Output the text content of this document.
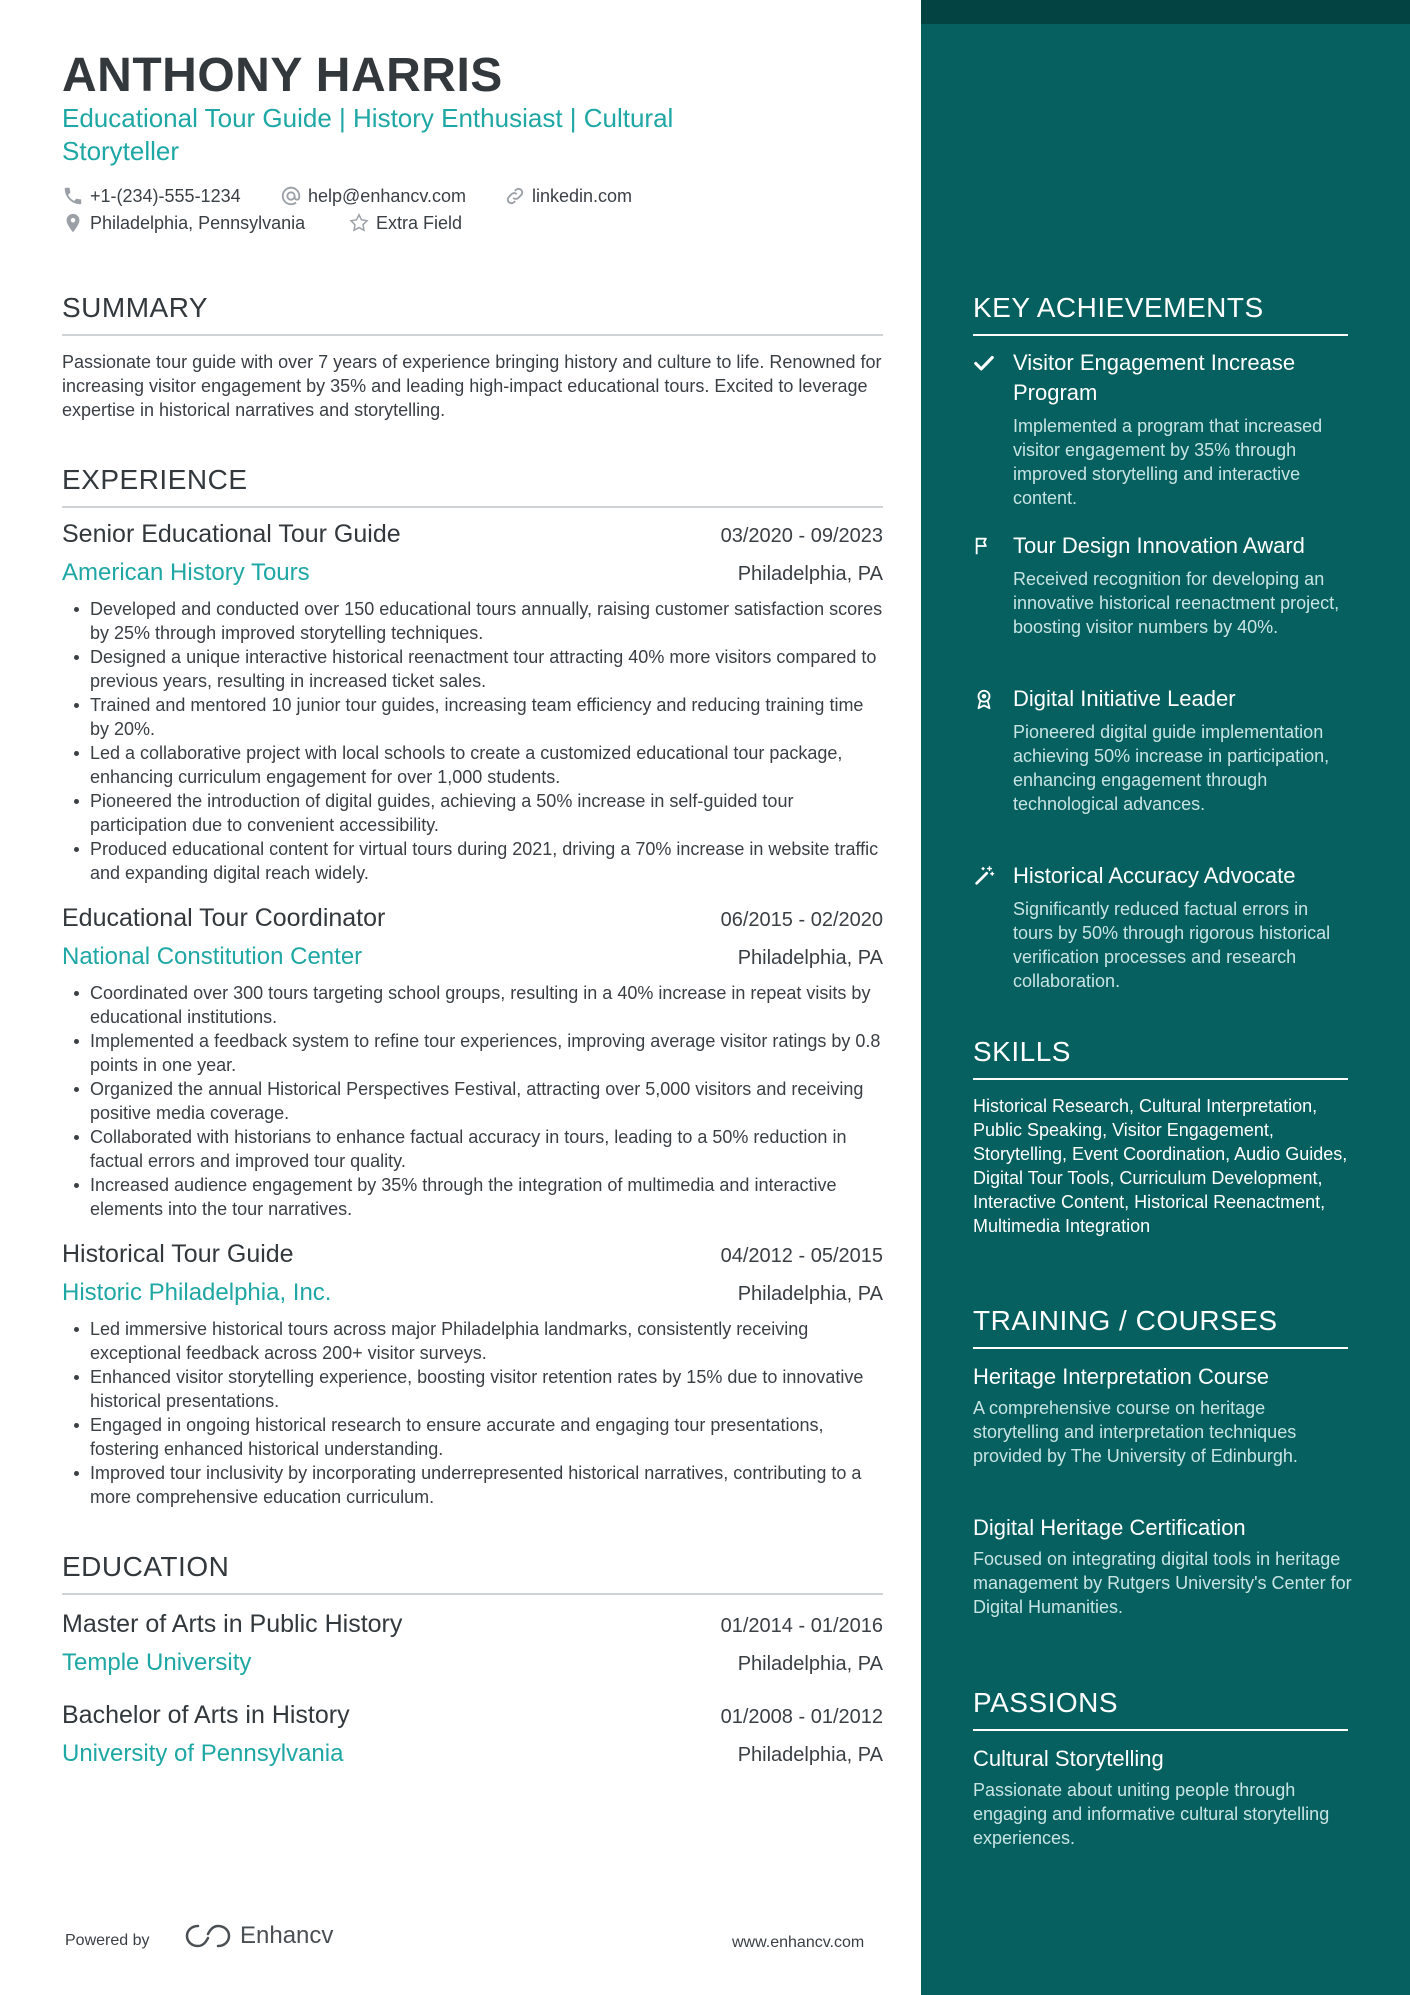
ANTHONY HARRIS
Educational Tour Guide | History Enthusiast | Cultural Storyteller
+1-(234)-555-1234	help@enhancv.com	linkedin.com
Philadelphia, Pennsylvania	Extra Field
SUMMARY
Passionate tour guide with over 7 years of experience bringing history and culture to life. Renowned for increasing visitor engagement by 35% and leading high-impact educational tours. Excited to leverage expertise in historical narratives and storytelling.
EXPERIENCE
Senior Educational Tour Guide	03/2020 - 09/2023
American History Tours	Philadelphia, PA
Developed and conducted over 150 educational tours annually, raising customer satisfaction scores by 25% through improved storytelling techniques.
Designed a unique interactive historical reenactment tour attracting 40% more visitors compared to previous years, resulting in increased ticket sales.
Trained and mentored 10 junior tour guides, increasing team efficiency and reducing training time by 20%.
Led a collaborative project with local schools to create a customized educational tour package, enhancing curriculum engagement for over 1,000 students.
Pioneered the introduction of digital guides, achieving a 50% increase in self-guided tour participation due to convenient accessibility.
Produced educational content for virtual tours during 2021, driving a 70% increase in website traffic and expanding digital reach widely.
Educational Tour Coordinator	06/2015 - 02/2020
National Constitution Center	Philadelphia, PA
Coordinated over 300 tours targeting school groups, resulting in a 40% increase in repeat visits by educational institutions.
Implemented a feedback system to refine tour experiences, improving average visitor ratings by 0.8 points in one year.
Organized the annual Historical Perspectives Festival, attracting over 5,000 visitors and receiving positive media coverage.
Collaborated with historians to enhance factual accuracy in tours, leading to a 50% reduction in factual errors and improved tour quality.
Increased audience engagement by 35% through the integration of multimedia and interactive elements into the tour narratives.
Historical Tour Guide	04/2012 - 05/2015
Historic Philadelphia, Inc.	Philadelphia, PA
Led immersive historical tours across major Philadelphia landmarks, consistently receiving exceptional feedback across 200+ visitor surveys.
Enhanced visitor storytelling experience, boosting visitor retention rates by 15% due to innovative historical presentations.
Engaged in ongoing historical research to ensure accurate and engaging tour presentations, fostering enhanced historical understanding.
Improved tour inclusivity by incorporating underrepresented historical narratives, contributing to a more comprehensive education curriculum.
EDUCATION
Master of Arts in Public History	01/2014 - 01/2016
Temple University	Philadelphia, PA
Bachelor of Arts in History	01/2008 - 01/2012
University of Pennsylvania	Philadelphia, PA
Powered by	Enhancv	www.enhancv.com
KEY ACHIEVEMENTS
Visitor Engagement Increase Program
Implemented a program that increased visitor engagement by 35% through improved storytelling and interactive content.
Tour Design Innovation Award
Received recognition for developing an innovative historical reenactment project, boosting visitor numbers by 40%.
Digital Initiative Leader
Pioneered digital guide implementation achieving 50% increase in participation, enhancing engagement through technological advances.
Historical Accuracy Advocate
Significantly reduced factual errors in tours by 50% through rigorous historical verification processes and research collaboration.
SKILLS
Historical Research, Cultural Interpretation, Public Speaking, Visitor Engagement, Storytelling, Event Coordination, Audio Guides, Digital Tour Tools, Curriculum Development, Interactive Content, Historical Reenactment, Multimedia Integration
TRAINING / COURSES
Heritage Interpretation Course
A comprehensive course on heritage storytelling and interpretation techniques provided by The University of Edinburgh.
Digital Heritage Certification
Focused on integrating digital tools in heritage management by Rutgers University's Center for Digital Humanities.
PASSIONS
Cultural Storytelling
Passionate about uniting people through engaging and informative cultural storytelling experiences.
